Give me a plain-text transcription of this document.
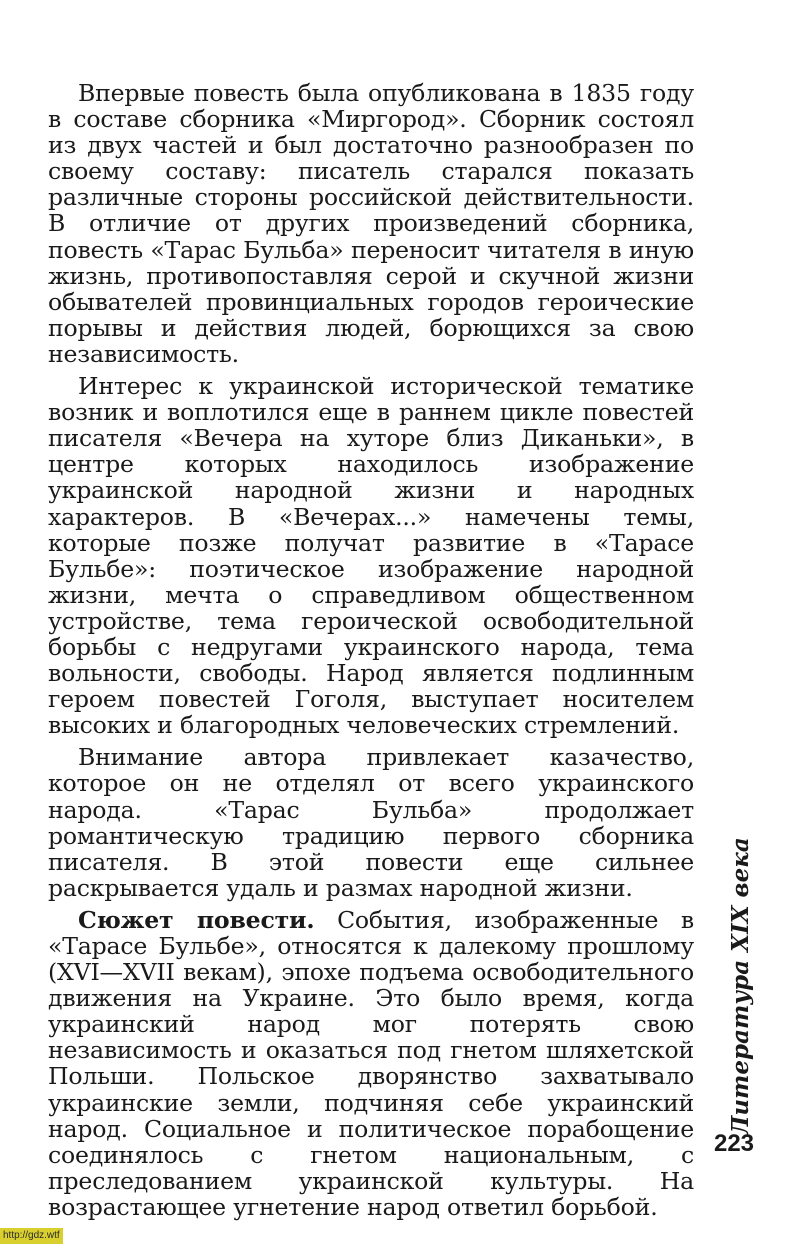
Впервые повесть была опубликована в 1835 году в составе сборника «Миргород». Сборник состоял из двух частей и был достаточно разнообразен по своему составу: писатель старался показать различные стороны российской действительности. В отличие от других произведений сборника, повесть «Тарас Бульба» переносит читателя в иную жизнь, противопоставляя серой и скучной жизни обывателей провинциальных городов героические порывы и действия людей, борющихся за свою независимость.

Интерес к украинской исторической тематике возник и воплотился еще в раннем цикле повестей писателя «Вечера на хуторе близ Диканьки», в центре которых находилось изображение украинской народной жизни и народных характеров. В «Вечерах...» намечены темы, которые позже получат развитие в «Тарасе Бульбе»: поэтическое изображение народной жизни, мечта о справедливом общественном устройстве, тема героической освободительной борьбы с недругами украинского народа, тема вольности, свободы. Народ является подлинным героем повестей Гоголя, выступает носителем высоких и благородных человеческих стремлений.

Внимание автора привлекает казачество, которое он не отделял от всего украинского народа. «Тарас Бульба» продолжает романтическую традицию первого сборника писателя. В этой повести еще сильнее раскрывается удаль и размах народной жизни.

Сюжет повести. События, изображенные в «Тарасе Бульбе», относятся к далекому прошлому (XVI—XVII векам), эпохе подъема освободительного движения на Украине. Это было время, когда украинский народ мог потерять свою независимость и оказаться под гнетом шляхетской Польши. Польское дворянство захватывало украинские земли, подчиняя себе украинский народ. Социальное и политическое порабощение соединялось с гнетом национальным, с преследованием украинской культуры. На возрастающее угнетение народ ответил борьбой.

Литература XIX века
223
http://gdz.wtf
